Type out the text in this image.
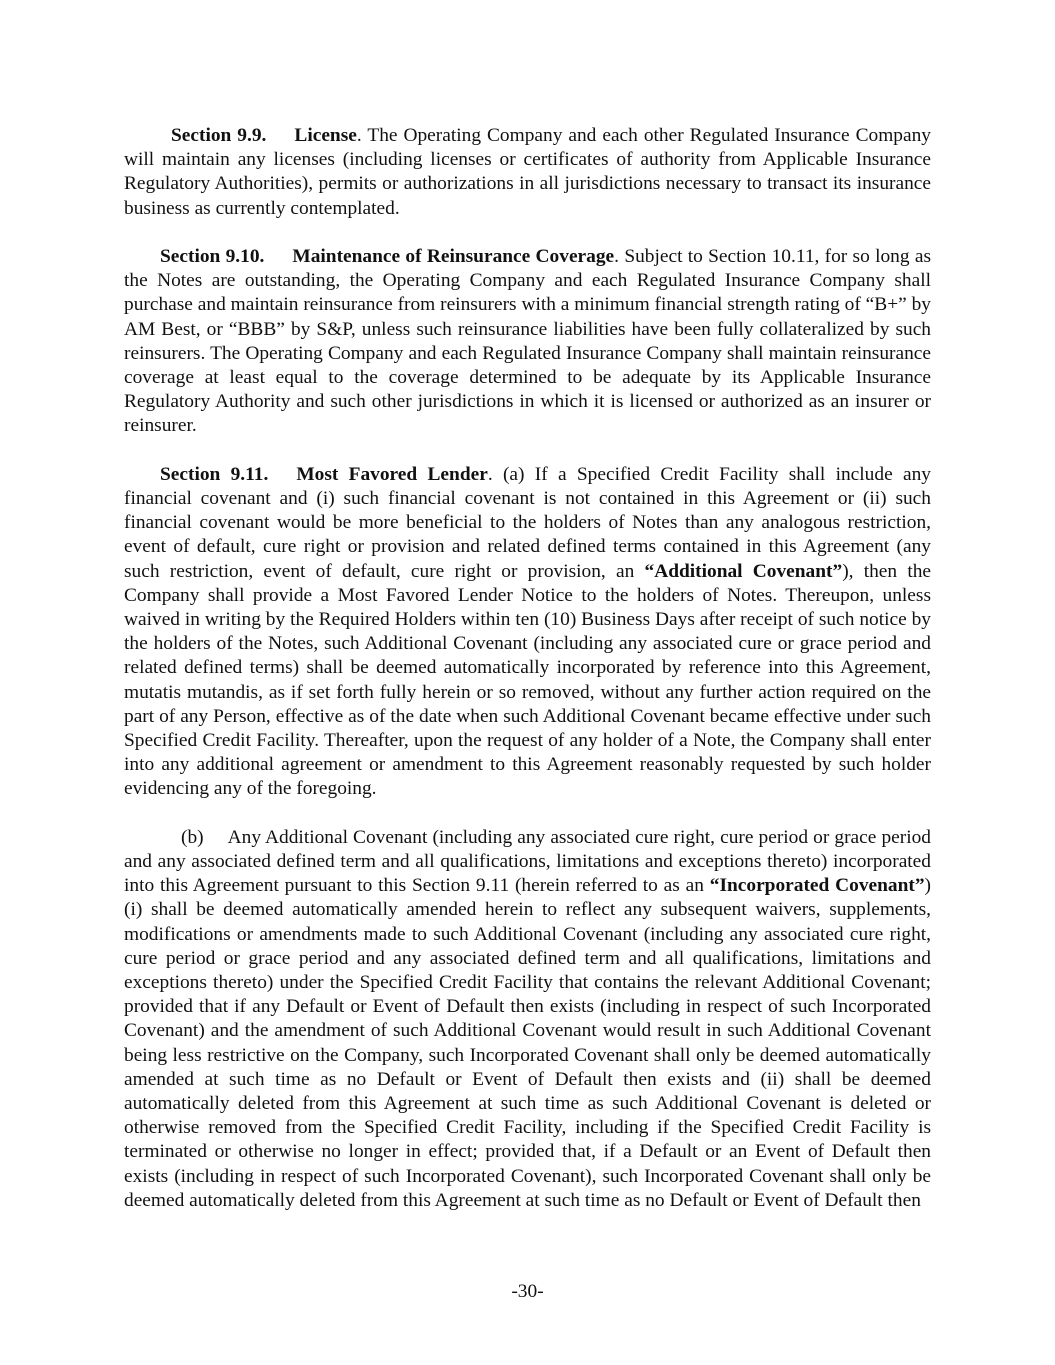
Section 9.9. License. The Operating Company and each other Regulated Insurance Company will maintain any licenses (including licenses or certificates of authority from Applicable Insurance Regulatory Authorities), permits or authorizations in all jurisdictions necessary to transact its insurance business as currently contemplated.

Section 9.10. Maintenance of Reinsurance Coverage. Subject to Section 10.11, for so long as the Notes are outstanding, the Operating Company and each Regulated Insurance Company shall purchase and maintain reinsurance from reinsurers with a minimum financial strength rating of “B+” by AM Best, or “BBB” by S&P, unless such reinsurance liabilities have been fully collateralized by such reinsurers. The Operating Company and each Regulated Insurance Company shall maintain reinsurance coverage at least equal to the coverage determined to be adequate by its Applicable Insurance Regulatory Authority and such other jurisdictions in which it is licensed or authorized as an insurer or reinsurer.

Section 9.11. Most Favored Lender. (a) If a Specified Credit Facility shall include any financial covenant and (i) such financial covenant is not contained in this Agreement or (ii) such financial covenant would be more beneficial to the holders of Notes than any analogous restriction, event of default, cure right or provision and related defined terms contained in this Agreement (any such restriction, event of default, cure right or provision, an “Additional Covenant”), then the Company shall provide a Most Favored Lender Notice to the holders of Notes. Thereupon, unless waived in writing by the Required Holders within ten (10) Business Days after receipt of such notice by the holders of the Notes, such Additional Covenant (including any associated cure or grace period and related defined terms) shall be deemed automatically incorporated by reference into this Agreement, mutatis mutandis, as if set forth fully herein or so removed, without any further action required on the part of any Person, effective as of the date when such Additional Covenant became effective under such Specified Credit Facility. Thereafter, upon the request of any holder of a Note, the Company shall enter into any additional agreement or amendment to this Agreement reasonably requested by such holder evidencing any of the foregoing.

(b) Any Additional Covenant (including any associated cure right, cure period or grace period and any associated defined term and all qualifications, limitations and exceptions thereto) incorporated into this Agreement pursuant to this Section 9.11 (herein referred to as an “Incorporated Covenant”) (i) shall be deemed automatically amended herein to reflect any subsequent waivers, supplements, modifications or amendments made to such Additional Covenant (including any associated cure right, cure period or grace period and any associated defined term and all qualifications, limitations and exceptions thereto) under the Specified Credit Facility that contains the relevant Additional Covenant; provided that if any Default or Event of Default then exists (including in respect of such Incorporated Covenant) and the amendment of such Additional Covenant would result in such Additional Covenant being less restrictive on the Company, such Incorporated Covenant shall only be deemed automatically amended at such time as no Default or Event of Default then exists and (ii) shall be deemed automatically deleted from this Agreement at such time as such Additional Covenant is deleted or otherwise removed from the Specified Credit Facility, including if the Specified Credit Facility is terminated or otherwise no longer in effect; provided that, if a Default or an Event of Default then exists (including in respect of such Incorporated Covenant), such Incorporated Covenant shall only be deemed automatically deleted from this Agreement at such time as no Default or Event of Default then

-30-
